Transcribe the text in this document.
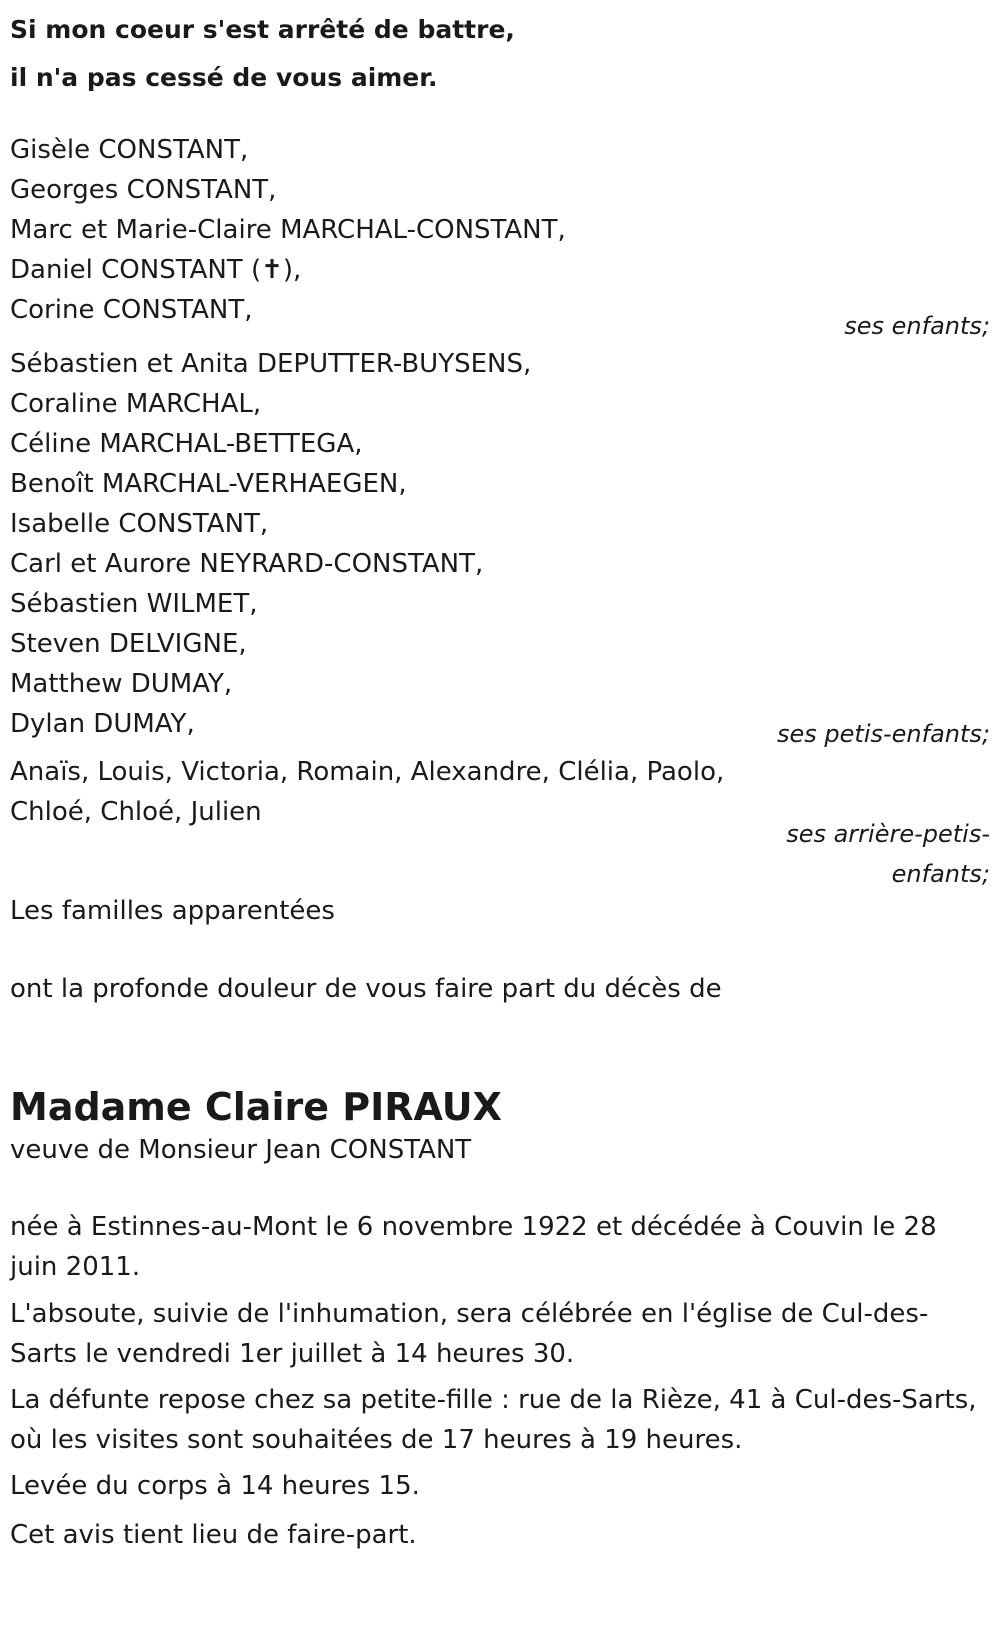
Si mon coeur s'est arrêté de battre,
il n'a pas cessé de vous aimer.
Gisèle CONSTANT,
Georges CONSTANT,
Marc et Marie-Claire MARCHAL-CONSTANT,
Daniel CONSTANT (✝),
Corine CONSTANT,
ses enfants;
Sébastien et Anita DEPUTTER-BUYSENS,
Coraline MARCHAL,
Céline MARCHAL-BETTEGA,
Benoît MARCHAL-VERHAEGEN,
Isabelle CONSTANT,
Carl et Aurore NEYRARD-CONSTANT,
Sébastien WILMET,
Steven DELVIGNE,
Matthew DUMAY,
Dylan DUMAY,	ses petis-enfants;
Anaïs, Louis, Victoria, Romain, Alexandre, Clélia, Paolo,
Chloé, Chloé, Julien
ses arrière-petis-
enfants;
Les familles apparentées
ont la profonde douleur de vous faire part du décès de
Madame Claire PIRAUX
veuve de Monsieur Jean CONSTANT
née à Estinnes-au-Mont le 6 novembre 1922 et décédée à Couvin le 28 juin 2011.
L'absoute, suivie de l'inhumation, sera célébrée en l'église de Cul-des-Sarts le vendredi 1er juillet à 14 heures 30.
La défunte repose chez sa petite-fille : rue de la Rièze, 41 à Cul-des-Sarts, où les visites sont souhaitées de 17 heures à 19 heures.
Levée du corps à 14 heures 15.
Cet avis tient lieu de faire-part.
